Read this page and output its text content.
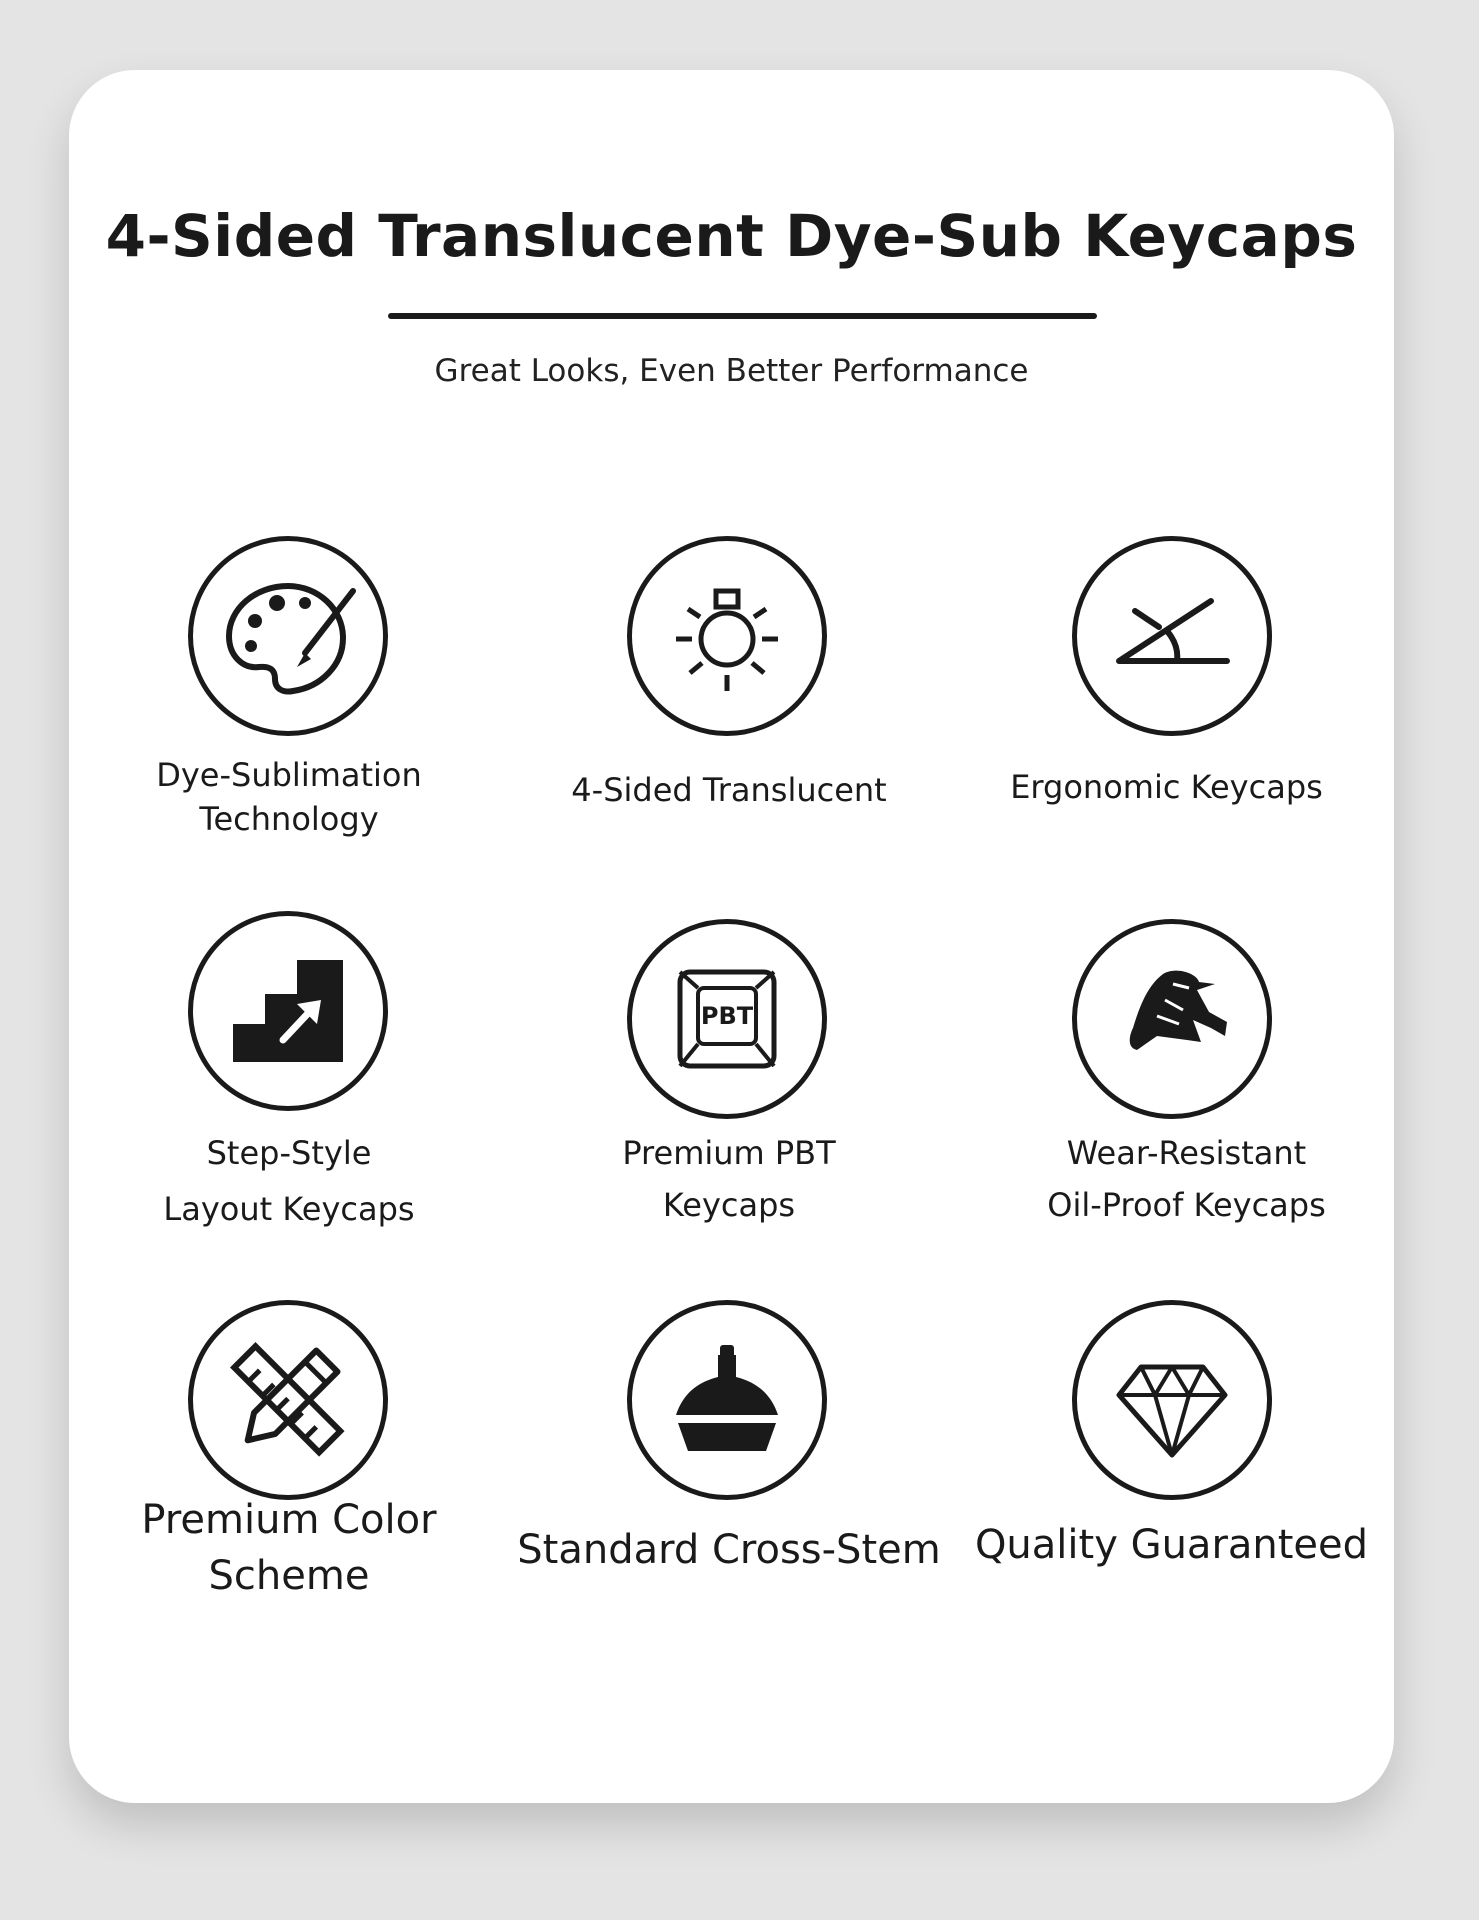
4-Sided Translucent Dye-Sub Keycaps
Great Looks, Even Better Performance
Dye-Sublimation
Technology
4-Sided Translucent	Ergonomic Keycaps
Step-Style
Layout Keycaps
PBT
Premium PBT
Keycaps
Wear-Resistant
Oil-Proof Keycaps
Premium Color
Scheme
Standard Cross-Stem Quality Guaranteed
